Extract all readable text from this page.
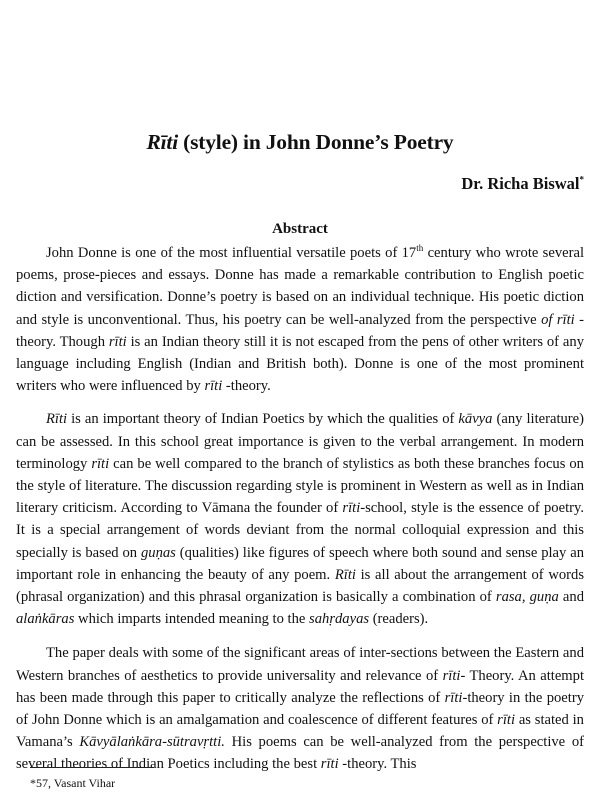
Rīti (style) in John Donne’s Poetry
Dr. Richa Biswal*
Abstract

John Donne is one of the most influential versatile poets of 17th century who wrote several poems, prose-pieces and essays. Donne has made a remarkable contribution to English poetic diction and versification. Donne’s poetry is based on an individual technique. His poetic diction and style is unconventional. Thus, his poetry can be well-analyzed from the perspective of rīti -theory. Though rīti is an Indian theory still it is not escaped from the pens of other writers of any language including English (Indian and British both). Donne is one of the most prominent writers who were influenced by rīti -theory.

Rīti is an important theory of Indian Poetics by which the qualities of kāvya (any literature) can be assessed. In this school great importance is given to the verbal arrangement. In modern terminology rīti can be well compared to the branch of stylistics as both these branches focus on the style of literature. The discussion regarding style is prominent in Western as well as in Indian literary criticism. According to Vāmana the founder of rīti-school, style is the essence of poetry. It is a special arrangement of words deviant from the normal colloquial expression and this specially is based on guṇas (qualities) like figures of speech where both sound and sense play an important role in enhancing the beauty of any poem. Rīti is all about the arrangement of words (phrasal organization) and this phrasal organization is basically a combination of rasa, guṇa and alaṅkāras which imparts intended meaning to the sahṛdayas (readers).

The paper deals with some of the significant areas of inter-sections between the Eastern and Western branches of aesthetics to provide universality and relevance of rīti- Theory. An attempt has been made through this paper to critically analyze the reflections of rīti-theory in the poetry of John Donne which is an amalgamation and coalescence of different features of rīti as stated in Vamana’s Kāvyālaṅkāra-sūtravṛtti. His poems can be well-analyzed from the perspective of several theories of Indian Poetics including the best rīti -theory. This

*57, Vasant Vihar
